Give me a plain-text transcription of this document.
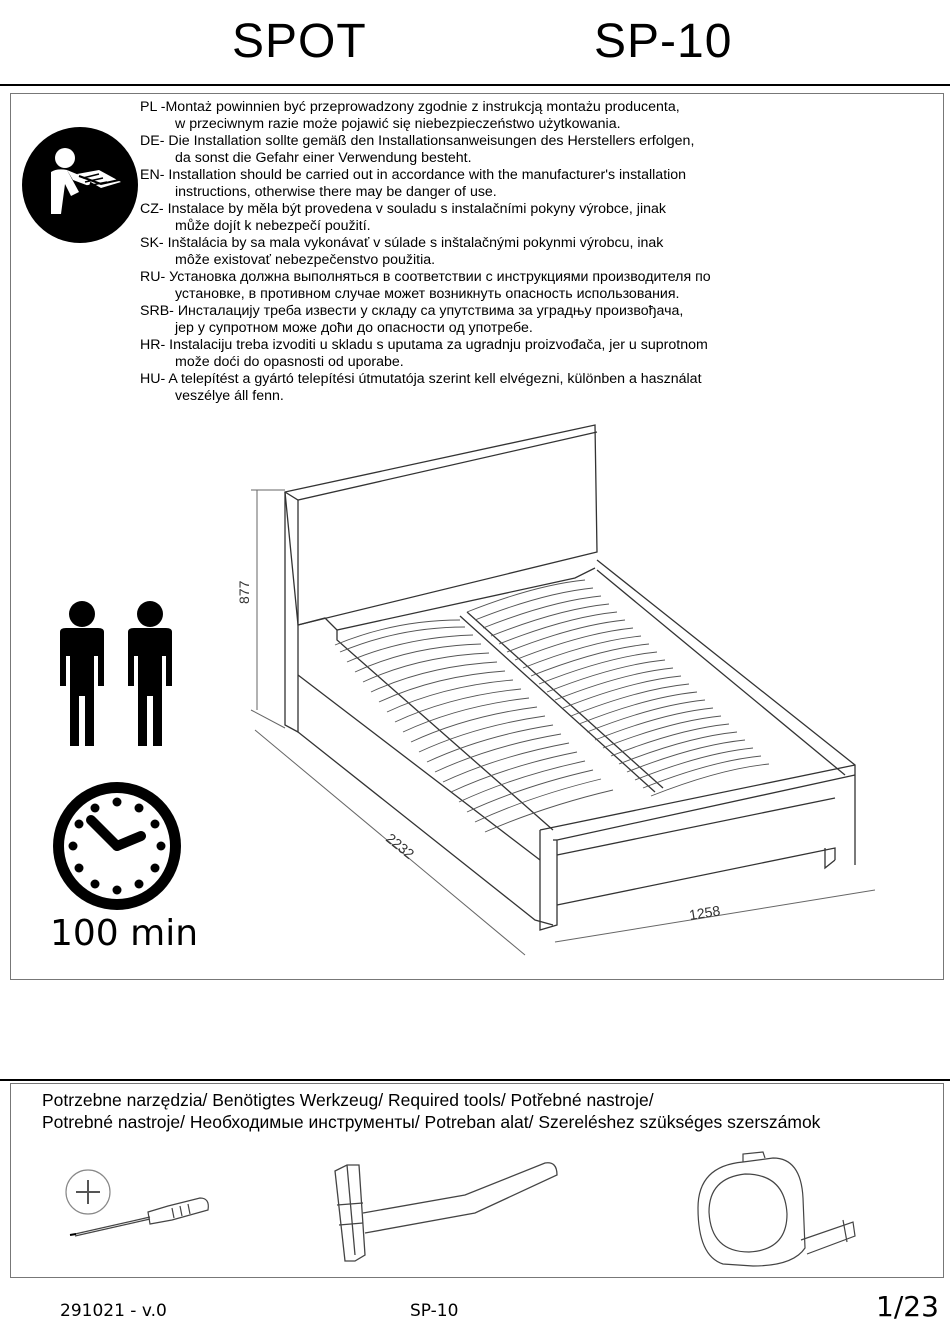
SPOT	SP-10
PL -Montaż powinnien być przeprowadzony zgodnie z instrukcją montażu producenta,
w przeciwnym razie może pojawić się niebezpieczeństwo użytkowania.
DE- Die Installation sollte gemäß den Installationsanweisungen des Herstellers erfolgen,
da sonst die Gefahr einer Verwendung besteht.
EN- Installation should be carried out in accordance with the manufacturer's installation
instructions, otherwise there may be danger of use.
CZ- Instalace by měla být provedena v souladu s instalačními pokyny výrobce, jinak
může dojít k nebezpečí použití.
SK- Inštalácia by sa mala vykonávať v súlade s inštalačnými pokynmi výrobcu, inak
môže existovať nebezpečenstvo použitia.
RU- Установка должна выполняться в соответствии с инструкциями производителя по
установке, в противном случае может возникнуть опасность использования.
SRB- Инсталацију треба извести у складу са упутствима за уградњу произвођача,
jep у супротном може доћи до опасности од употребе.
HR- Instalaciju treba izvoditi u skladu s uputama za ugradnju proizvođača, jer u suprotnom
može doći do opasnosti od uporabe.
HU- A telepítést a gyártó telepítési útmutatója szerint kell elvégezni, különben a használat
veszélye áll fenn.
100 min
877
2232
1258
Potrzebne narzędzia/ Benötigtes Werkzeug/ Required tools/ Potřebné nastroje/
Potrebné nastroje/ Необходимые инструменты/ Potreban alat/ Szereléshez szükséges szerszámok
291021 - v.0	SP-10	1/23
